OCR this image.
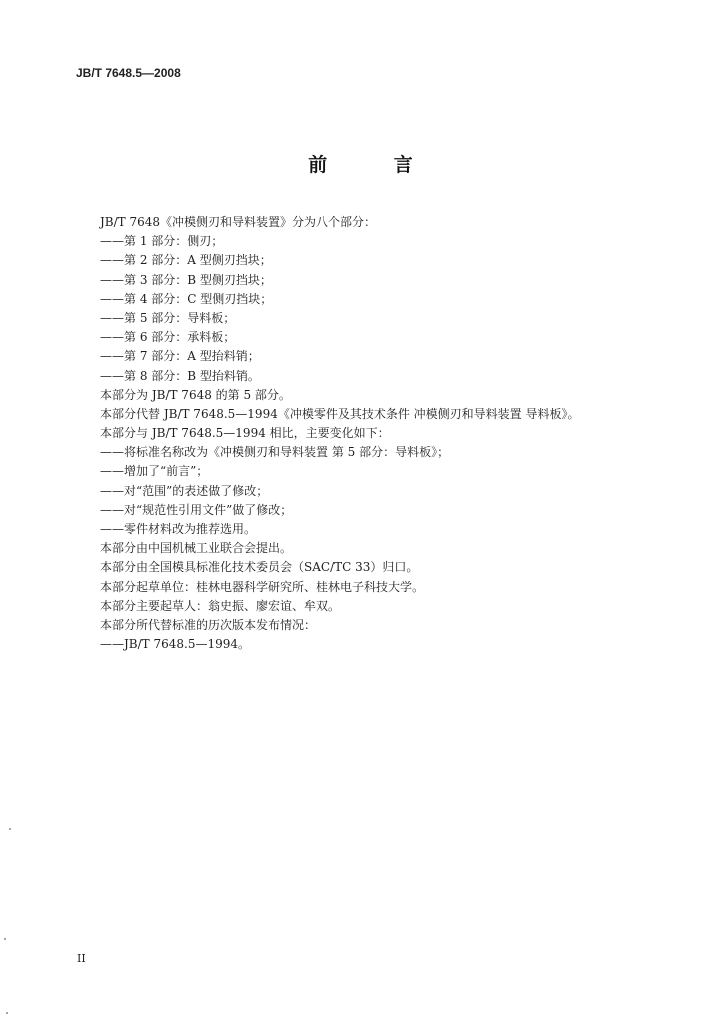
JB/T 7648.5—2008
前 言
JB/T 7648《冲模侧刃和导料装置》分为八个部分：
——第 1 部分：侧刃；
——第 2 部分：A 型侧刃挡块；
——第 3 部分：B 型侧刃挡块；
——第 4 部分：C 型侧刃挡块；
——第 5 部分：导料板；
——第 6 部分：承料板；
——第 7 部分：A 型抬料销；
——第 8 部分：B 型抬料销。
本部分为 JB/T 7648 的第 5 部分。
本部分代替 JB/T 7648.5—1994《冲模零件及其技术条件 冲模侧刃和导料装置 导料板》。
本部分与 JB/T 7648.5—1994 相比，主要变化如下：
——将标准名称改为《冲模侧刃和导料装置 第 5 部分：导料板》；
——增加了“前言”；
——对“范围”的表述做了修改；
——对“规范性引用文件”做了修改；
——零件材料改为推荐选用。
本部分由中国机械工业联合会提出。
本部分由全国模具标准化技术委员会（SAC/TC 33）归口。
本部分起草单位：桂林电器科学研究所、桂林电子科技大学。
本部分主要起草人：翁史振、廖宏谊、牟双。
本部分所代替标准的历次版本发布情况：
——JB/T 7648.5—1994。
II
